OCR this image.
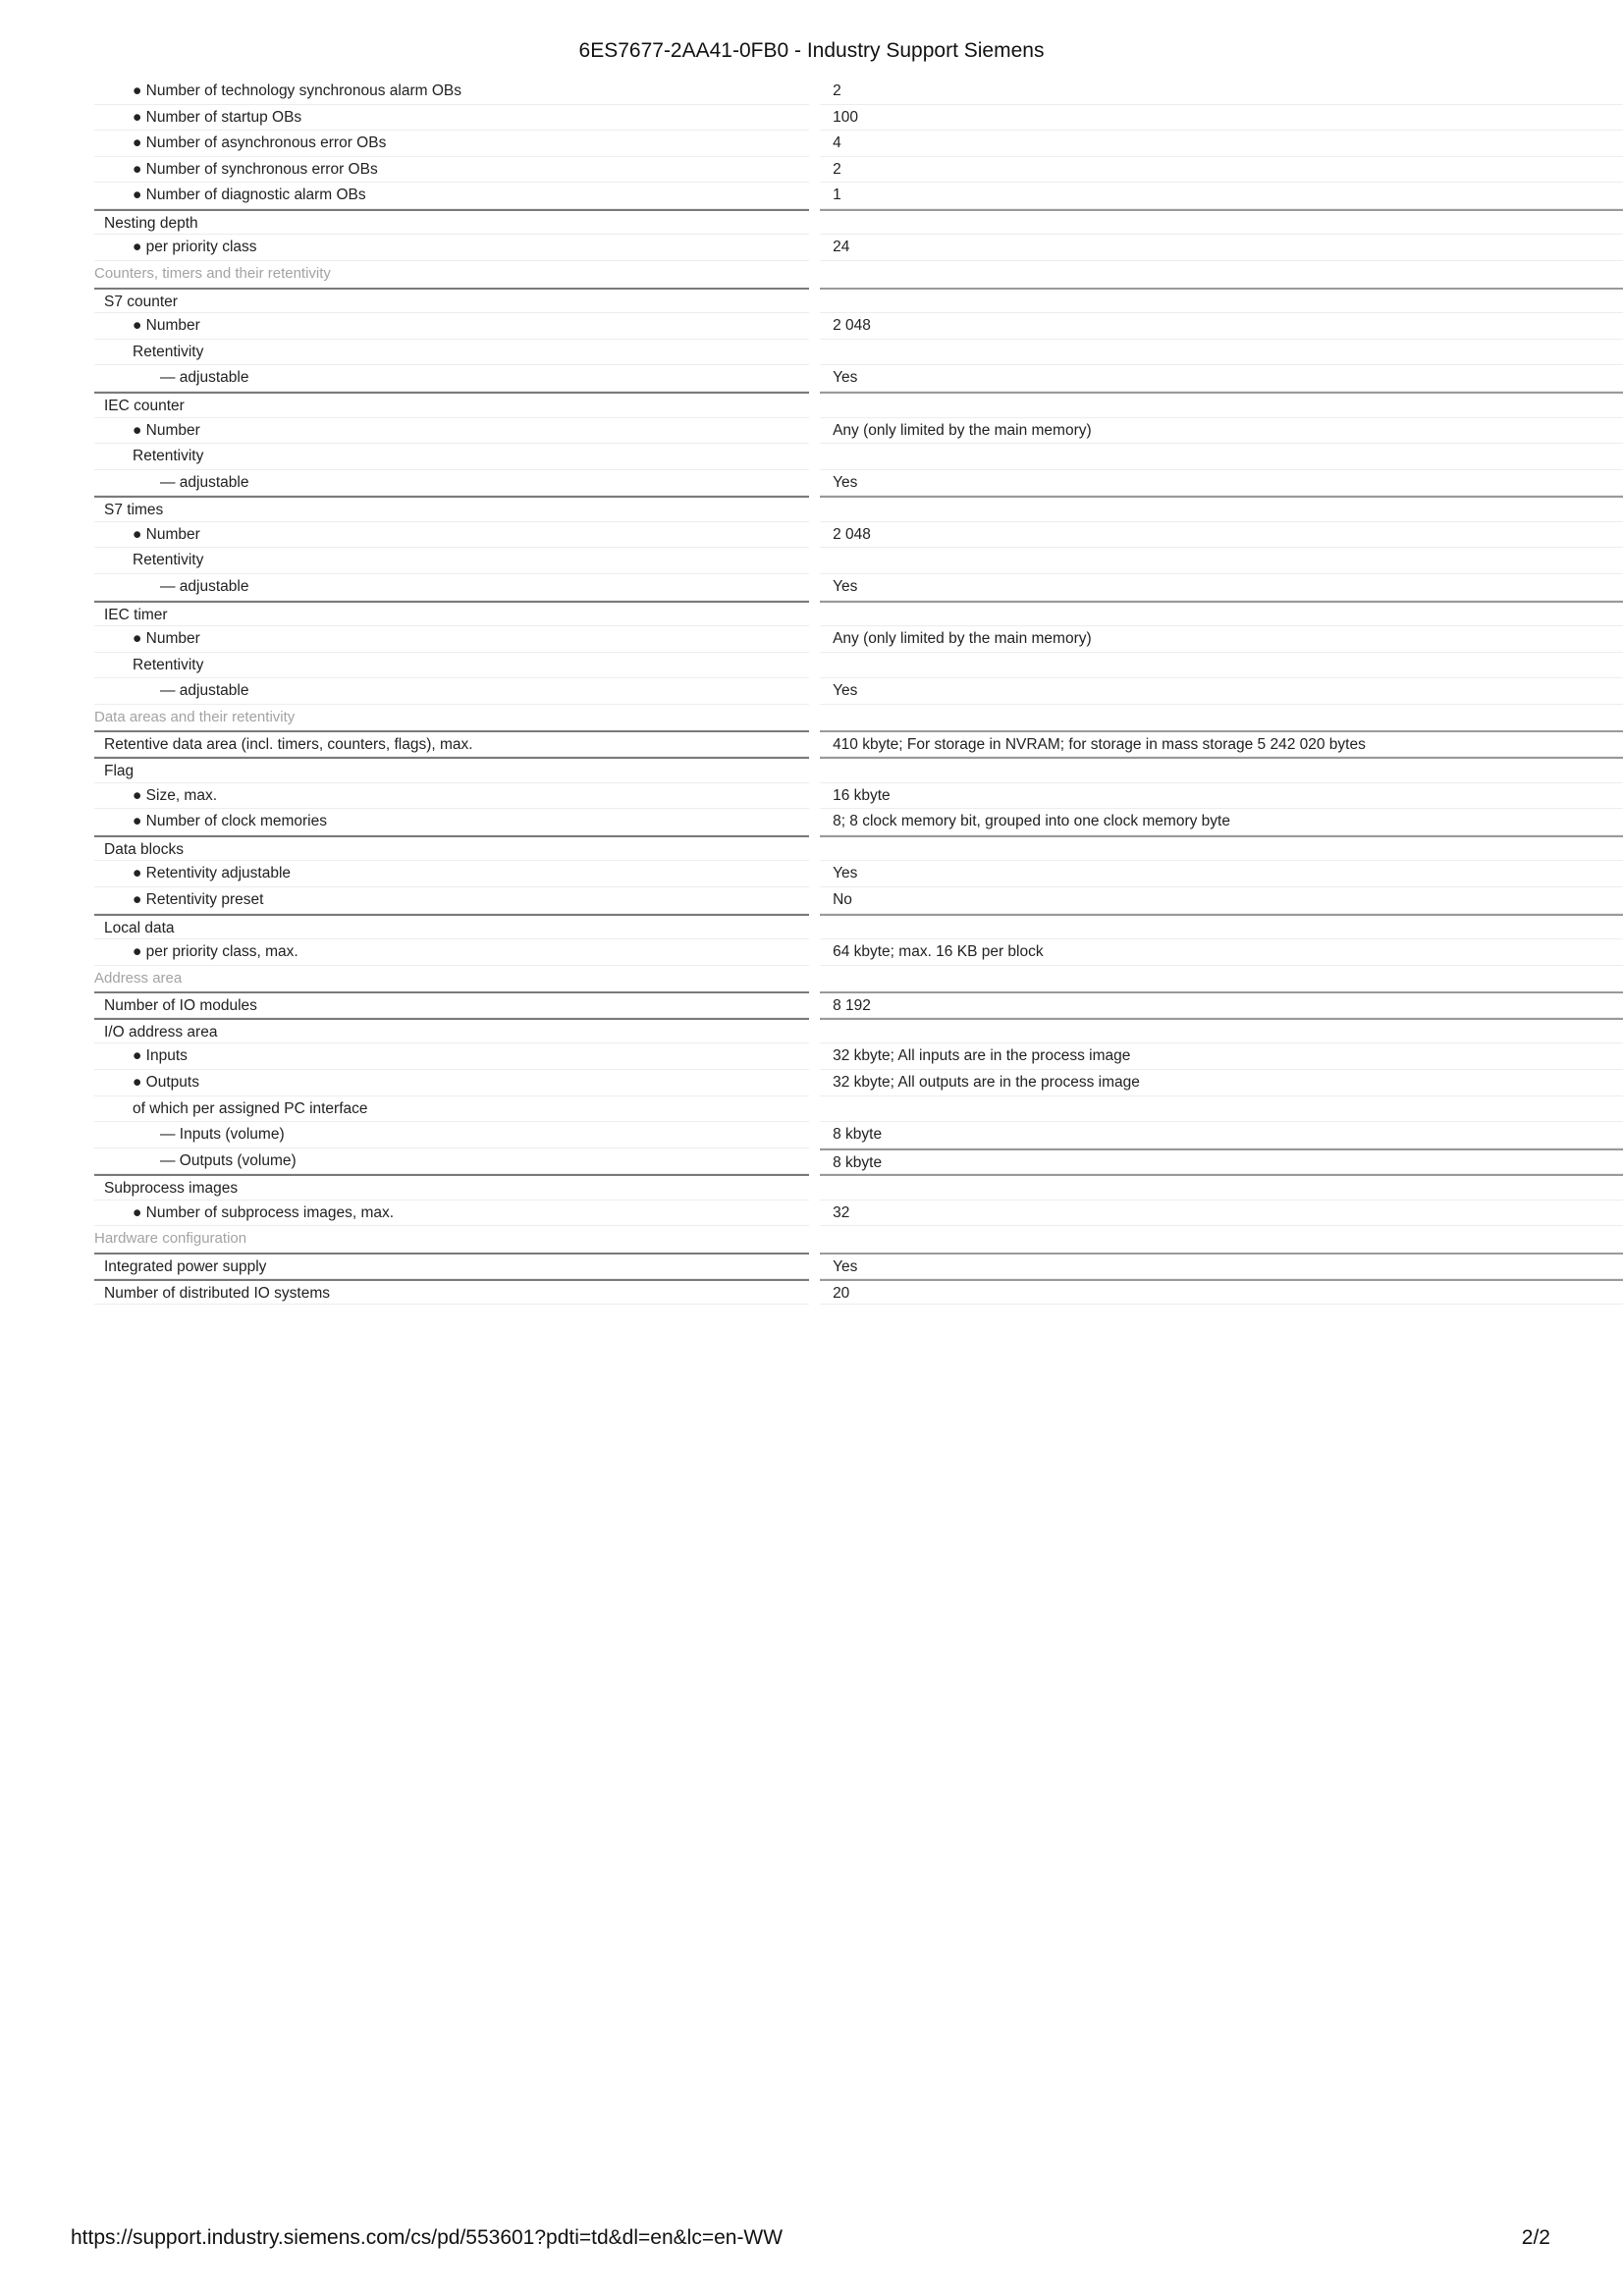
6ES7677-2AA41-0FB0 - Industry Support Siemens
● Number of technology synchronous alarm OBs	2
● Number of startup OBs	100
● Number of asynchronous error OBs	4
● Number of synchronous error OBs	2
● Number of diagnostic alarm OBs	1
Nesting depth
● per priority class	24
Counters, timers and their retentivity
S7 counter
● Number	2 048
Retentivity
— adjustable	Yes
IEC counter
● Number	Any (only limited by the main memory)
Retentivity
— adjustable	Yes
S7 times
● Number	2 048
Retentivity
— adjustable	Yes
IEC timer
● Number	Any (only limited by the main memory)
Retentivity
— adjustable	Yes
Data areas and their retentivity
Retentive data area (incl. timers, counters, flags), max.	410 kbyte; For storage in NVRAM; for storage in mass storage 5 242 020 bytes
Flag
● Size, max.	16 kbyte
● Number of clock memories	8; 8 clock memory bit, grouped into one clock memory byte
Data blocks
● Retentivity adjustable	Yes
● Retentivity preset	No
Local data
● per priority class, max.	64 kbyte; max. 16 KB per block
Address area
Number of IO modules	8 192
I/O address area
● Inputs	32 kbyte; All inputs are in the process image
● Outputs	32 kbyte; All outputs are in the process image
of which per assigned PC interface
— Inputs (volume)	8 kbyte
— Outputs (volume)	8 kbyte
Subprocess images
● Number of subprocess images, max.	32
Hardware configuration
Integrated power supply	Yes
Number of distributed IO systems	20
https://support.industry.siemens.com/cs/pd/553601?pdti=td&dl=en&lc=en-WW	2/2
